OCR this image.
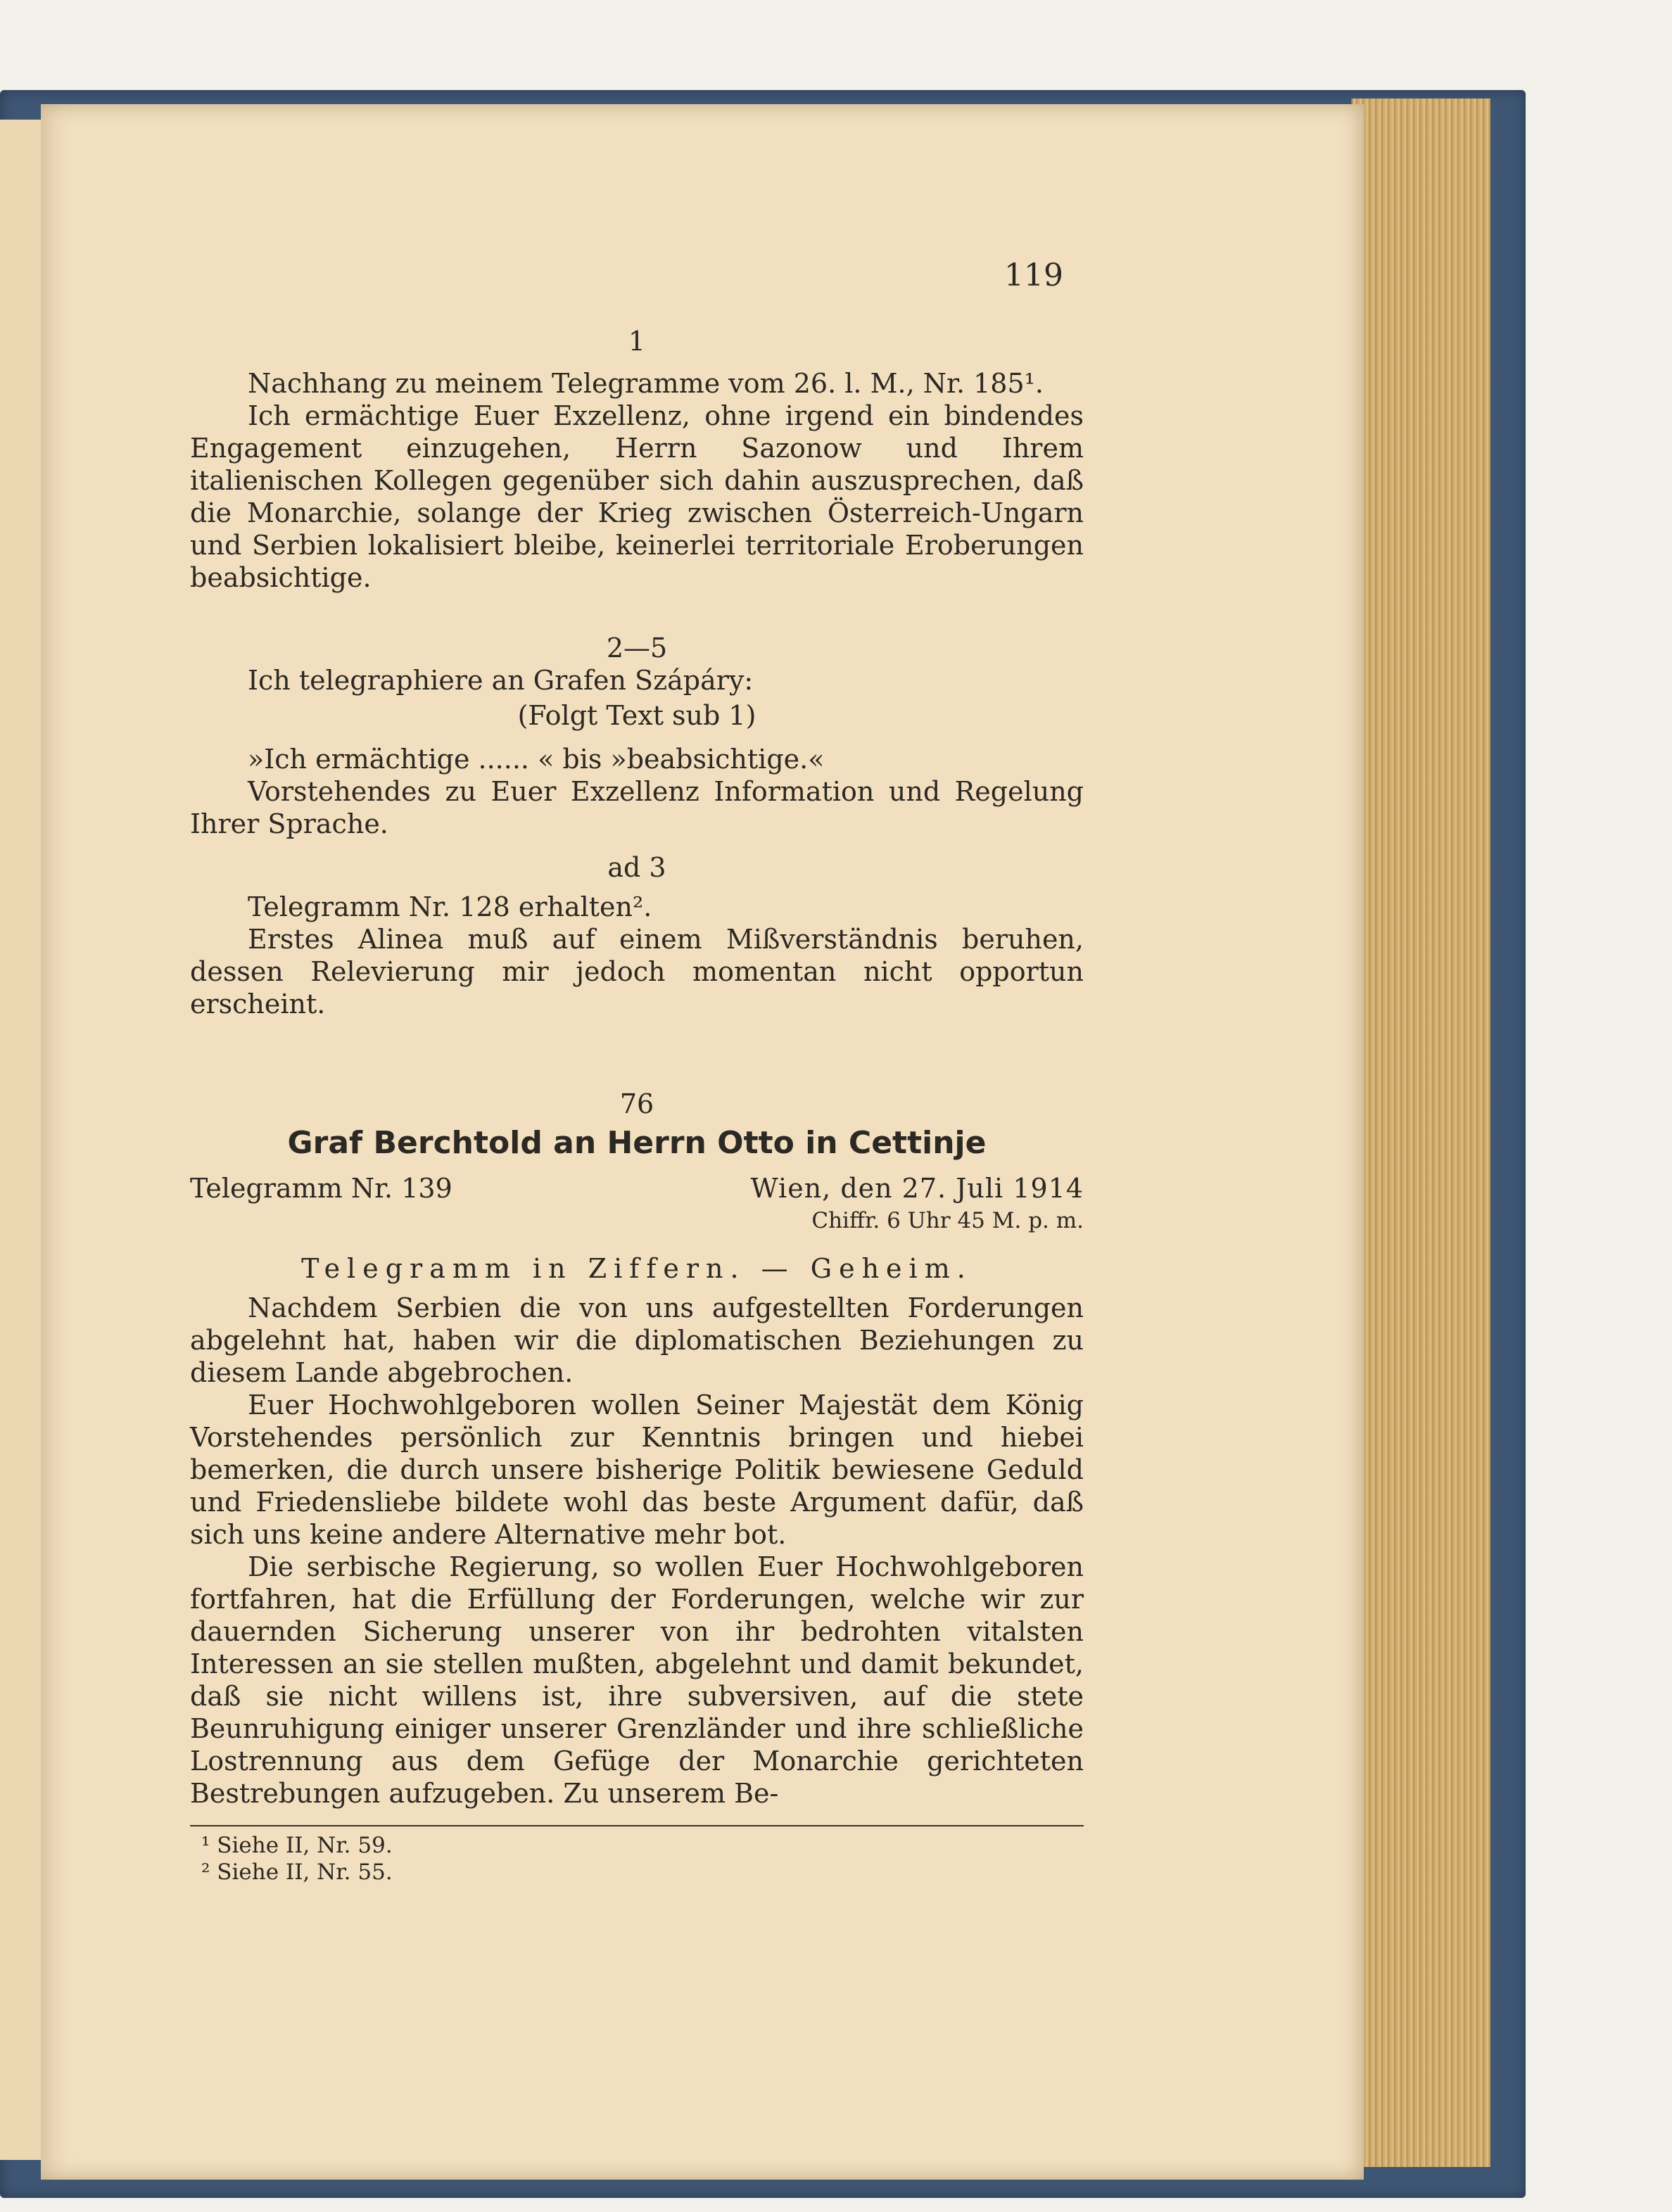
119

1

Nachhang zu meinem Telegramme vom 26. l. M., Nr. 185¹.

Ich ermächtige Euer Exzellenz, ohne irgend ein bindendes Engagement einzugehen, Herrn Sazonow und Ihrem italienischen Kollegen gegenüber sich dahin auszusprechen, daß die Monarchie, solange der Krieg zwischen Österreich-Ungarn und Serbien lokalisiert bleibe, keinerlei territoriale Eroberungen beabsichtige.

2—5

Ich telegraphiere an Grafen Szápáry:

(Folgt Text sub 1)

»Ich ermächtige ...... « bis »beabsichtige.«

Vorstehendes zu Euer Exzellenz Information und Regelung Ihrer Sprache.

ad 3

Telegramm Nr. 128 erhalten².

Erstes Alinea muß auf einem Mißverständnis beruhen, dessen Relevierung mir jedoch momentan nicht opportun erscheint.

76

Graf Berchtold an Herrn Otto in Cettinje
Telegramm Nr. 139	Wien, den 27. Juli 1914
Chiffr. 6 Uhr 45 M. p. m.

Telegramm in Ziffern. — Geheim.

Nachdem Serbien die von uns aufgestellten Forderungen abgelehnt hat, haben wir die diplomatischen Beziehungen zu diesem Lande abgebrochen.

Euer Hochwohlgeboren wollen Seiner Majestät dem König Vorstehendes persönlich zur Kenntnis bringen und hiebei bemerken, die durch unsere bisherige Politik bewiesene Geduld und Friedensliebe bildete wohl das beste Argument dafür, daß sich uns keine andere Alternative mehr bot.

Die serbische Regierung, so wollen Euer Hochwohlgeboren fortfahren, hat die Erfüllung der Forderungen, welche wir zur dauernden Sicherung unserer von ihr bedrohten vitalsten Interessen an sie stellen mußten, abgelehnt und damit bekundet, daß sie nicht willens ist, ihre subversiven, auf die stete Beunruhigung einiger unserer Grenzländer und ihre schließliche Lostrennung aus dem Gefüge der Monarchie gerichteten Bestrebungen aufzugeben. Zu unserem Be-

¹ Siehe II, Nr. 59.
² Siehe II, Nr. 55.
